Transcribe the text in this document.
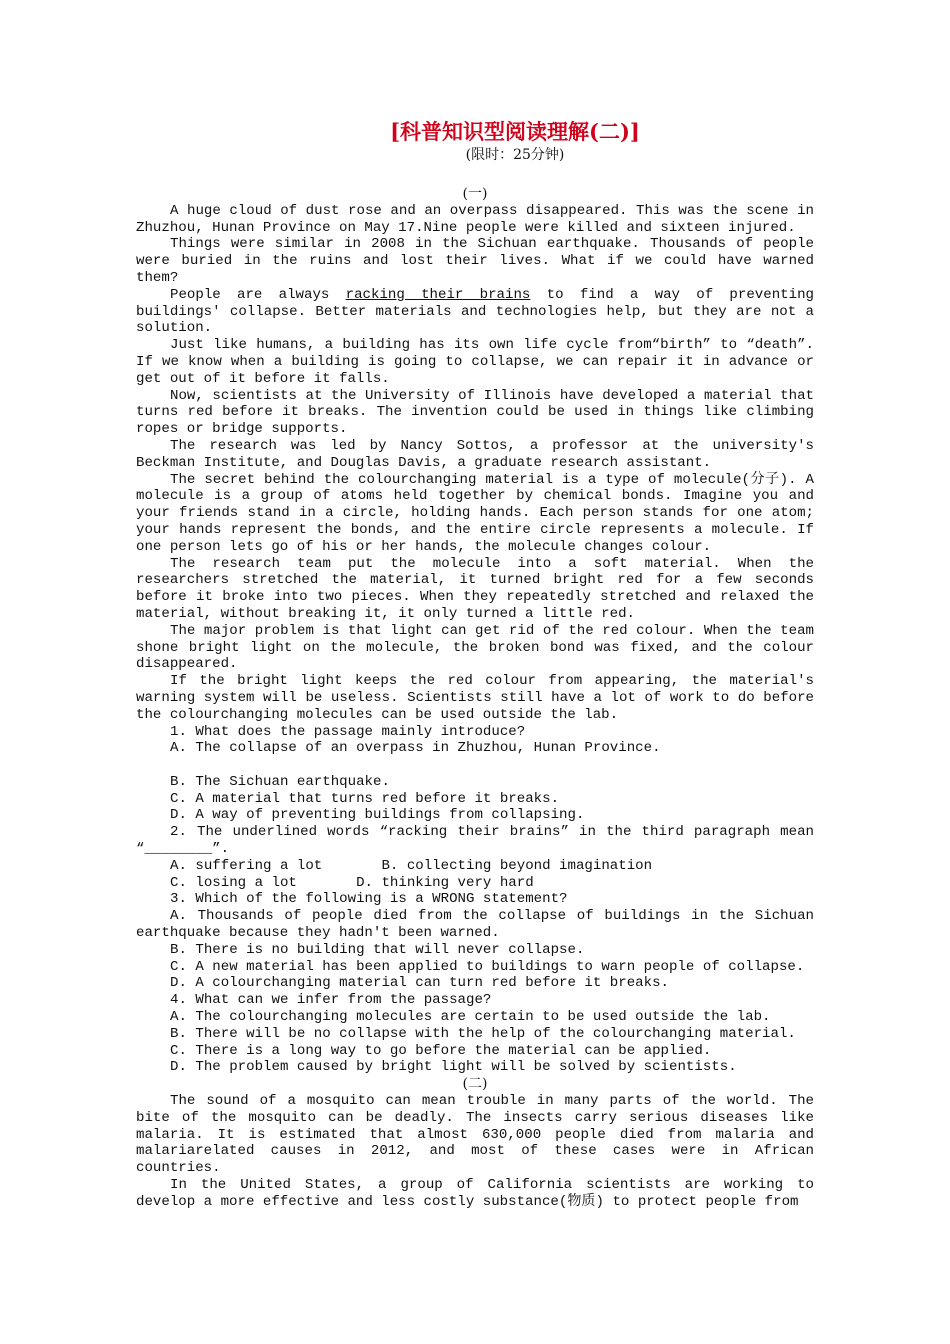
[科普知识型阅读理解(二)]
(限时：25分钟)
(一)

A huge cloud of dust rose and an overpass disappeared. This was the scene in Zhuzhou, Hunan Province on May 17.Nine people were killed and sixteen injured.

Things were similar in 2008 in the Sichuan earthquake. Thousands of people were buried in the ruins and lost their lives. What if we could have warned them?

People are always racking their brains to find a way of preventing buildings' collapse. Better materials and technologies help, but they are not a solution.

Just like humans, a building has its own life cycle from“birth” to “death”. If we know when a building is going to collapse, we can repair it in advance or get out of it before it falls.

Now, scientists at the University of Illinois have developed a material that turns red before it breaks. The invention could be used in things like climbing ropes or bridge supports.

The research was led by Nancy Sottos, a professor at the university's Beckman Institute, and Douglas Davis, a graduate research assistant.

The secret behind the colourchanging material is a type of molecule(分子). A molecule is a group of atoms held together by chemical bonds. Imagine you and your friends stand in a circle, holding hands. Each person stands for one atom; your hands represent the bonds, and the entire circle represents a molecule. If one person lets go of his or her hands, the molecule changes colour.

The research team put the molecule into a soft material. When the researchers stretched the material, it turned bright red for a few seconds before it broke into two pieces. When they repeatedly stretched and relaxed the material, without breaking it, it only turned a little red.

The major problem is that light can get rid of the red colour. When the team shone bright light on the molecule, the broken bond was fixed, and the colour disappeared.

If the bright light keeps the red colour from appearing, the material's warning system will be useless. Scientists still have a lot of work to do before the colourchanging molecules can be used outside the lab.

1. What does the passage mainly introduce?

A. The collapse of an overpass in Zhuzhou, Hunan Province.

B. The Sichuan earthquake.

C. A material that turns red before it breaks.

D. A way of preventing buildings from collapsing.

2. The underlined words “racking their brains” in the third paragraph mean “________”.

A. suffering a lot       B. collecting beyond imagination

C. losing a lot       D. thinking very hard

3. Which of the following is a WRONG statement?

A. Thousands of people died from the collapse of buildings in the Sichuan earthquake because they hadn't been warned.

B. There is no building that will never collapse.

C. A new material has been applied to buildings to warn people of collapse.

D. A colourchanging material can turn red before it breaks.

4. What can we infer from the passage?

A. The colourchanging molecules are certain to be used outside the lab.

B. There will be no collapse with the help of the colourchanging material.

C. There is a long way to go before the material can be applied.

D. The problem caused by bright light will be solved by scientists.

(二)

The sound of a mosquito can mean trouble in many parts of the world. The bite of the mosquito can be deadly. The insects carry serious diseases like malaria. It is estimated that almost 630,000 people died from malaria and malariarelated causes in 2012, and most of these cases were in African countries.

In the United States, a group of California scientists are working to develop a more effective and less costly substance(物质) to protect people from
